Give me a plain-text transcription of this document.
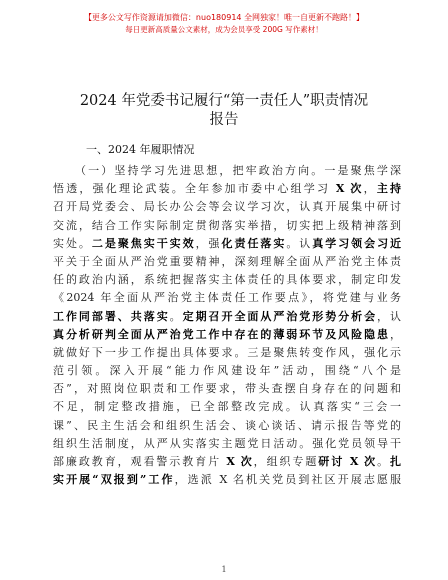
【更多公文写作资源请加微信：nuo180914 全网独家！唯一自更新不跑路！】
每日更新高质量公文素材，成为会员享受 200G 写作素材！
2024 年党委书记履行“第一责任人”职责情况
报告
一、2024 年履职情况
（一）坚持学习先进思想，把牢政治方向。一是聚焦学深
悟透，强化理论武装。全年参加市委中心组学习 X 次，主持
召开局党委会、局长办公会等会议学习次，认真开展集中研讨
交流，结合工作实际制定贯彻落实举措，切实把上级精神落到
实处。二是聚焦实干实效，强化责任落实。认真学习领会习近
平关于全面从严治党重要精神，深刻理解全面从严治党主体责
任的政治内涵，系统把握落实主体责任的具体要求，制定印发
《2024 年全面从严治党主体责任工作要点》，将党建与业务
工作同部署、共落实。定期召开全面从严治党形势分析会，认
真分析研判全面从严治党工作中存在的薄弱环节及风险隐患，
就做好下一步工作提出具体要求。三是聚焦转变作风，强化示
范引领。深入开展“能力作风建设年”活动，围绕“八个是
否”，对照岗位职责和工作要求，带头查摆自身存在的问题和
不足，制定整改措施，已全部整改完成。认真落实“三会一
课”、民主生活会和组织生活会、谈心谈话、请示报告等党的
组织生活制度，从严从实落实主题党日活动。强化党员领导干
部廉政教育，观看警示教育片 X 次，组织专题研讨 X 次。扎
实开展“双报到”工作，选派 X 名机关党员到社区开展志愿服
1
